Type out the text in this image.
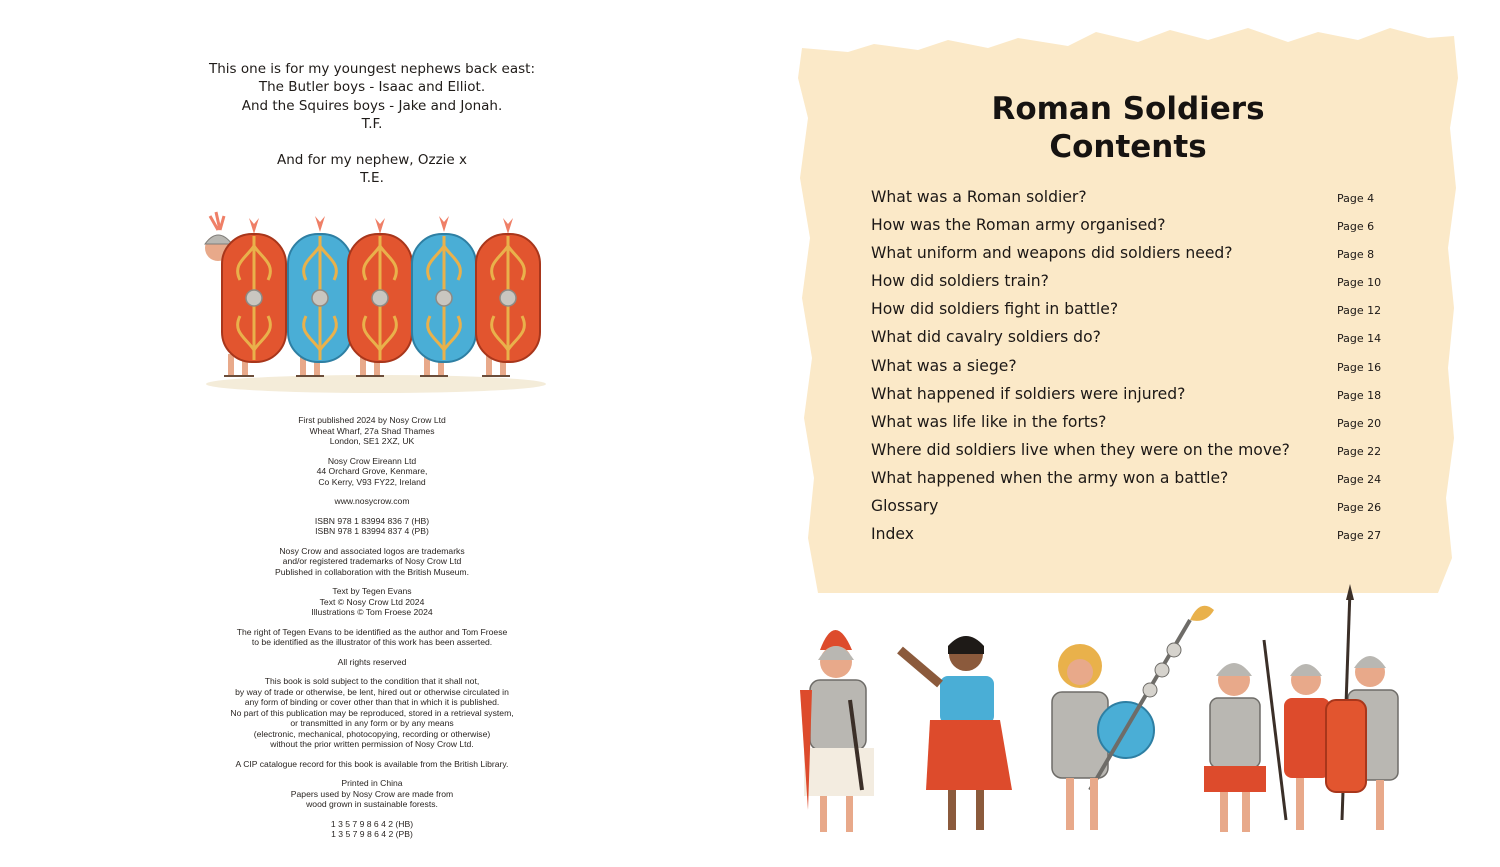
This one is for my youngest nephews back east:
The Butler boys - Isaac and Elliot.
And the Squires boys - Jake and Jonah.
T.F.
And for my nephew, Ozzie x
T.E.
First published 2024 by Nosy Crow Ltd
Wheat Wharf, 27a Shad Thames
London, SE1 2XZ, UK
Nosy Crow Eireann Ltd
44 Orchard Grove, Kenmare,
Co Kerry, V93 FY22, Ireland
www.nosycrow.com
ISBN 978 1 83994 836 7 (HB)
ISBN 978 1 83994 837 4 (PB)
Nosy Crow and associated logos are trademarks
and/or registered trademarks of Nosy Crow Ltd
Published in collaboration with the British Museum.
Text by Tegen Evans
Text © Nosy Crow Ltd 2024
Illustrations © Tom Froese 2024
The right of Tegen Evans to be identified as the author and Tom Froese
to be identified as the illustrator of this work has been asserted.
All rights reserved
This book is sold subject to the condition that it shall not,
by way of trade or otherwise, be lent, hired out or otherwise circulated in
any form of binding or cover other than that in which it is published.
No part of this publication may be reproduced, stored in a retrieval system,
or transmitted in any form or by any means
(electronic, mechanical, photocopying, recording or otherwise)
without the prior written permission of Nosy Crow Ltd.
A CIP catalogue record for this book is available from the British Library.
Printed in China
Papers used by Nosy Crow are made from
wood grown in sustainable forests.
1 3 5 7 9 8 6 4 2 (HB)
1 3 5 7 9 8 6 4 2 (PB)
Roman Soldiers
Contents
What was a Roman soldier?	Page 4
How was the Roman army organised?	Page 6
What uniform and weapons did soldiers need?	Page 8
How did soldiers train?	Page 10
How did soldiers fight in battle?	Page 12
What did cavalry soldiers do?	Page 14
What was a siege?	Page 16
What happened if soldiers were injured?	Page 18
What was life like in the forts?	Page 20
Where did soldiers live when they were on the move?	Page 22
What happened when the army won a battle?	Page 24
Glossary	Page 26
Index	Page 27
